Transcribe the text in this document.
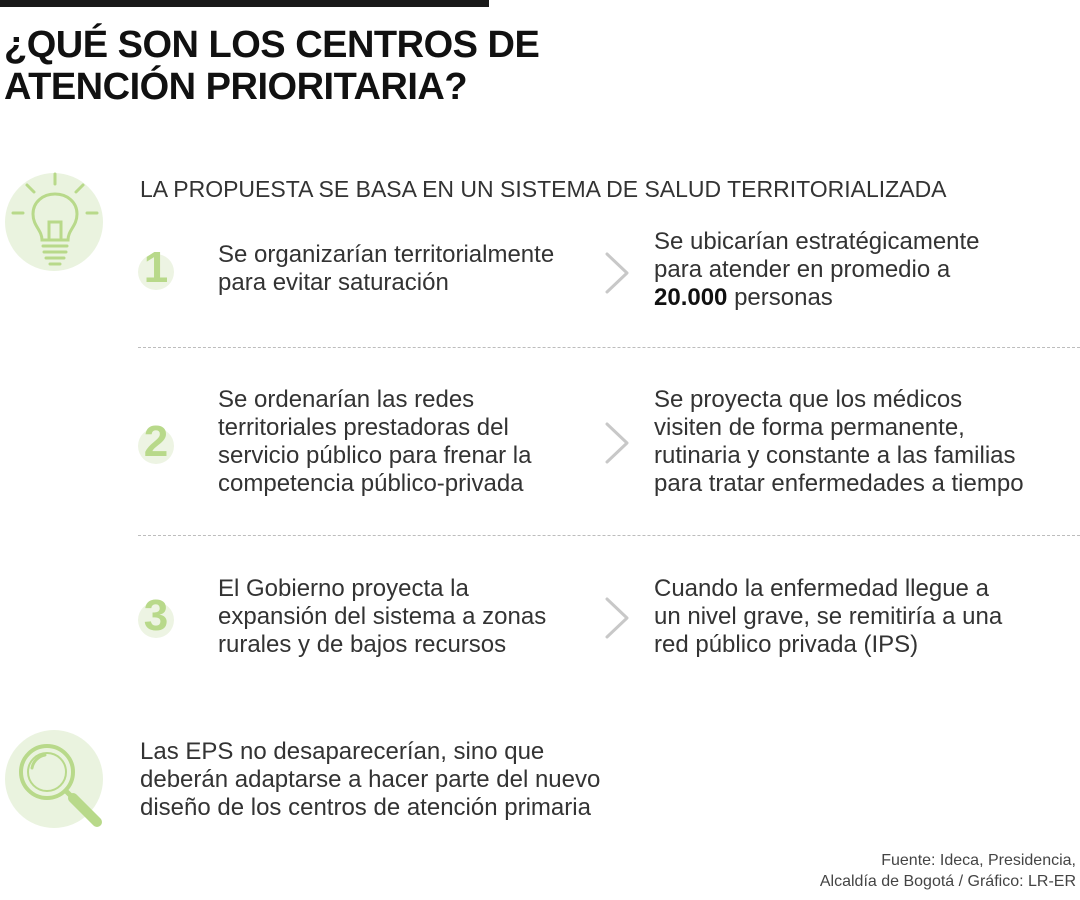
¿QUÉ SON LOS CENTROS DE
ATENCIÓN PRIORITARIA?
LA PROPUESTA SE BASA EN UN SISTEMA DE SALUD TERRITORIALIZADA
1	Se organizarían territorialmente
para evitar saturación
Se ubicarían estratégicamente
para atender en promedio a
20.000 personas
2
Se ordenarían las redes
territoriales prestadoras del
servicio público para frenar la
competencia público-privada
Se proyecta que los médicos
visiten de forma permanente,
rutinaria y constante a las familias
para tratar enfermedades a tiempo
3
El Gobierno proyecta la
expansión del sistema a zonas
rurales y de bajos recursos
Cuando la enfermedad llegue a
un nivel grave, se remitiría a una
red público privada (IPS)
Las EPS no desaparecerían, sino que
deberán adaptarse a hacer parte del nuevo
diseño de los centros de atención primaria
Fuente: Ideca, Presidencia,
Alcaldía de Bogotá / Gráfico: LR-ER
